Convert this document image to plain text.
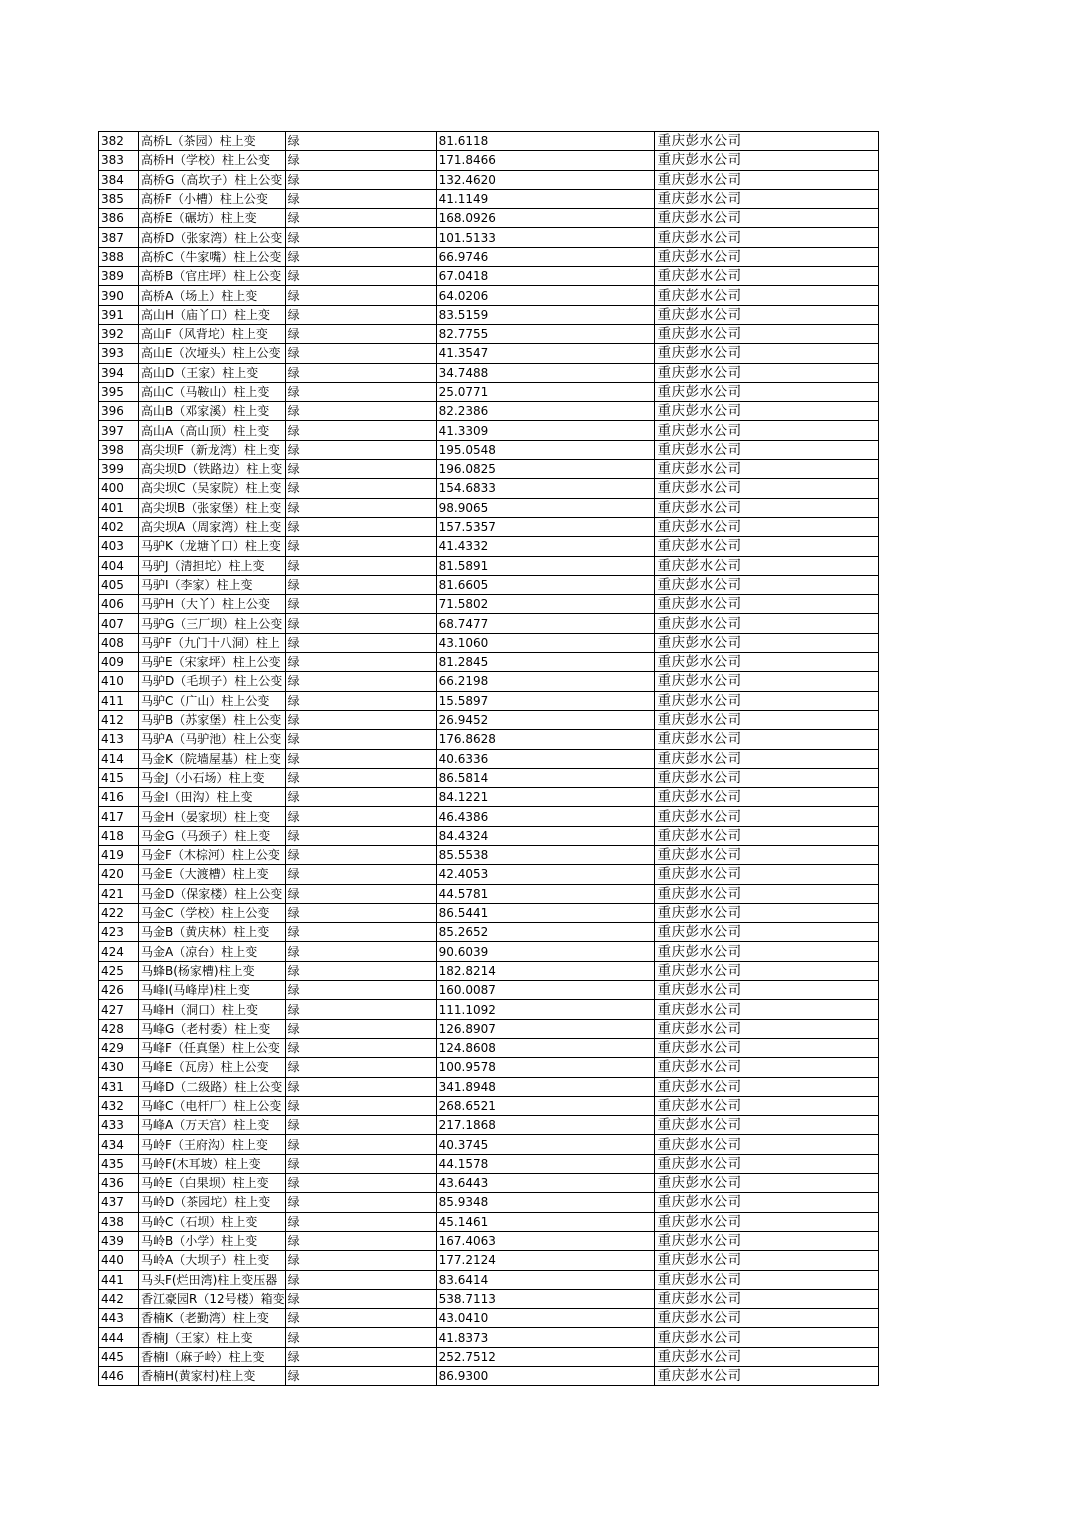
382	高桥L（茶园）柱上变	绿	81.6118	重庆彭水公司
383	高桥H（学校）柱上公变	绿	171.8466	重庆彭水公司
384	高桥G（高坎子）柱上公变	绿	132.4620	重庆彭水公司
385	高桥F（小槽）柱上公变	绿	41.1149	重庆彭水公司
386	高桥E（碾坊）柱上变	绿	168.0926	重庆彭水公司
387	高桥D（张家湾）柱上公变	绿	101.5133	重庆彭水公司
388	高桥C（牛家嘴）柱上公变	绿	66.9746	重庆彭水公司
389	高桥B（官庄坪）柱上公变	绿	67.0418	重庆彭水公司
390	高桥A（场上）柱上变	绿	64.0206	重庆彭水公司
391	高山H（庙丫口）柱上变	绿	83.5159	重庆彭水公司
392	高山F（风背坨）柱上变	绿	82.7755	重庆彭水公司
393	高山E（次垭头）柱上公变	绿	41.3547	重庆彭水公司
394	高山D（王家）柱上变	绿	34.7488	重庆彭水公司
395	高山C（马鞍山）柱上变	绿	25.0771	重庆彭水公司
396	高山B（邓家溪）柱上变	绿	82.2386	重庆彭水公司
397	高山A（高山顶）柱上变	绿	41.3309	重庆彭水公司
398	高尖坝F（新龙湾）柱上变	绿	195.0548	重庆彭水公司
399	高尖坝D（铁路边）柱上变	绿	196.0825	重庆彭水公司
400	高尖坝C（吴家院）柱上变	绿	154.6833	重庆彭水公司
401	高尖坝B（张家堡）柱上变	绿	98.9065	重庆彭水公司
402	高尖坝A（周家湾）柱上变	绿	157.5357	重庆彭水公司
403	马驴K（龙塘丫口）柱上变	绿	41.4332	重庆彭水公司
404	马驴J（清担坨）柱上变	绿	81.5891	重庆彭水公司
405	马驴I（李家）柱上变	绿	81.6605	重庆彭水公司
406	马驴H（大丫）柱上公变	绿	71.5802	重庆彭水公司
407	马驴G（三厂坝）柱上公变	绿	68.7477	重庆彭水公司
408	马驴F（九门十八洞）柱上	绿	43.1060	重庆彭水公司
409	马驴E（宋家坪）柱上公变	绿	81.2845	重庆彭水公司
410	马驴D（毛坝子）柱上公变	绿	66.2198	重庆彭水公司
411	马驴C（广山）柱上公变	绿	15.5897	重庆彭水公司
412	马驴B（苏家堡）柱上公变	绿	26.9452	重庆彭水公司
413	马驴A（马驴池）柱上公变	绿	176.8628	重庆彭水公司
414	马金K（院墙屋基）柱上变	绿	40.6336	重庆彭水公司
415	马金J（小石场）柱上变	绿	86.5814	重庆彭水公司
416	马金I（田沟）柱上变	绿	84.1221	重庆彭水公司
417	马金H（晏家坝）柱上变	绿	46.4386	重庆彭水公司
418	马金G（马颈子）柱上变	绿	84.4324	重庆彭水公司
419	马金F（木棕河）柱上公变	绿	85.5538	重庆彭水公司
420	马金E（大渡槽）柱上变	绿	42.4053	重庆彭水公司
421	马金D（保家楼）柱上公变	绿	44.5781	重庆彭水公司
422	马金C（学校）柱上公变	绿	86.5441	重庆彭水公司
423	马金B（黄庆林）柱上变	绿	85.2652	重庆彭水公司
424	马金A（凉台）柱上变	绿	90.6039	重庆彭水公司
425	马蜂B(杨家槽)柱上变	绿	182.8214	重庆彭水公司
426	马峰I(马峰岸)柱上变	绿	160.0087	重庆彭水公司
427	马峰H（洞口）柱上变	绿	111.1092	重庆彭水公司
428	马峰G（老村委）柱上变	绿	126.8907	重庆彭水公司
429	马峰F（任真堡）柱上公变	绿	124.8608	重庆彭水公司
430	马峰E（瓦房）柱上公变	绿	100.9578	重庆彭水公司
431	马峰D（二级路）柱上公变	绿	341.8948	重庆彭水公司
432	马峰C（电杆厂）柱上公变	绿	268.6521	重庆彭水公司
433	马峰A（万天宫）柱上变	绿	217.1868	重庆彭水公司
434	马岭F（王府沟）柱上变	绿	40.3745	重庆彭水公司
435	马岭F(木耳坡）柱上变	绿	44.1578	重庆彭水公司
436	马岭E（白果坝）柱上变	绿	43.6443	重庆彭水公司
437	马岭D（茶园坨）柱上变	绿	85.9348	重庆彭水公司
438	马岭C（石坝）柱上变	绿	45.1461	重庆彭水公司
439	马岭B（小学）柱上变	绿	167.4063	重庆彭水公司
440	马岭A（大坝子）柱上变	绿	177.2124	重庆彭水公司
441	马头F(烂田湾)柱上变压器	绿	83.6414	重庆彭水公司
442	香江豪园R（12号楼）箱变	绿	538.7113	重庆彭水公司
443	香楠K（老勤湾）柱上变	绿	43.0410	重庆彭水公司
444	香楠J（王家）柱上变	绿	41.8373	重庆彭水公司
445	香楠I（麻子岭）柱上变	绿	252.7512	重庆彭水公司
446	香楠H(黄家村)柱上变	绿	86.9300	重庆彭水公司
